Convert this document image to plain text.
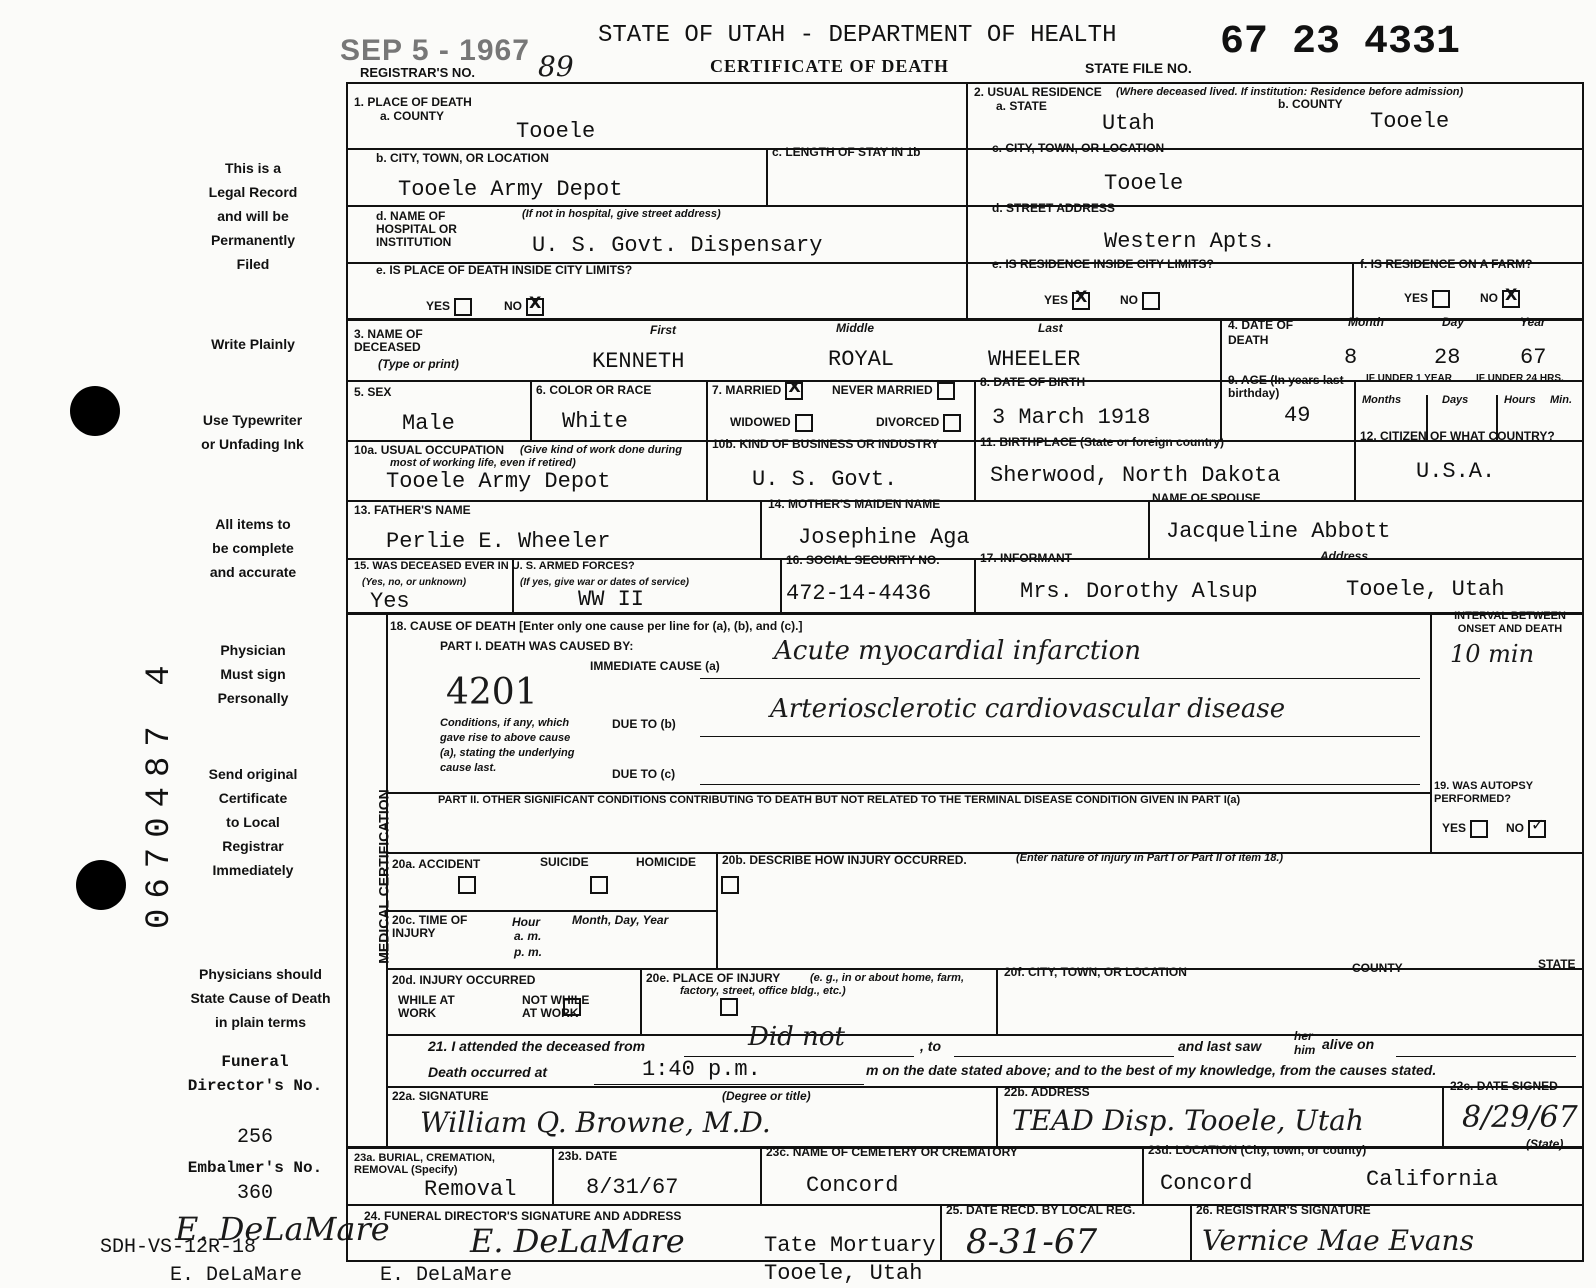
0670487 4
This is a
Legal Record
and will be
Permanently
Filed
Write Plainly
Use Typewriter
or Unfading Ink
All items to
be complete
and accurate
Physician
Must sign
Personally
Send original
Certificate
to Local
Registrar
Immediately
Physicians should
State Cause of Death
in plain terms
Funeral
Director's No.
256
Embalmer's No.
360
SDH-VS-12R-18
E. DeLaMare	E. DeLaMare
E. DeLaMare
SEP 5 - 1967
REGISTRAR'S NO. 89
STATE OF UTAH - DEPARTMENT OF HEALTH
CERTIFICATE OF DEATH	STATE FILE NO.
67 23 4331
1. PLACE OF DEATH
a. COUNTY
Tooele
2. USUAL RESIDENCE (Where deceased lived. If institution: Residence before admission)
a. STATE	b. COUNTY
Utah	Tooele
b. CITY, TOWN, OR LOCATION
Tooele Army Depot
c. LENGTH OF STAY IN 1b	c. CITY, TOWN, OR LOCATION
Tooele
d. NAME OF HOSPITAL OR INSTITUTION
(If not in hospital, give street address)
U. S. Govt. Dispensary
d. STREET ADDRESS
Western Apts.
e. IS PLACE OF DEATH INSIDE CITY LIMITS?
YES	NO X
e. IS RESIDENCE INSIDE CITY LIMITS?
YES X	NO
f. IS RESIDENCE ON A FARM?
YES	NO X
3. NAME OF DECEASED
(Type or print)
First	Middle	Last
KENNETH	ROYAL	WHEELER
4. DATE OF DEATH
Month	Day	Year
8	28	67
5. SEX
Male
6. COLOR OR RACE
White
7. MARRIED X	NEVER MARRIED
WIDOWED	DIVORCED
8. DATE OF BIRTH
3 March 1918
9. AGE (In years last birthday)
49
IF UNDER 1 YEAR IF UNDER 24 HRS.
Months	Days	Hours Min.
10a. USUAL OCCUPATION	(Give kind of work done during most of working life, even if retired)
Tooele Army Depot
10b. KIND OF BUSINESS OR INDUSTRY
U. S. Govt.
11. BIRTHPLACE (State or foreign country)
Sherwood, North Dakota
12. CITIZEN OF WHAT COUNTRY?
U.S.A.
13. FATHER'S NAME
Perlie E. Wheeler
14. MOTHER'S MAIDEN NAME
Josephine Aga
NAME OF SPOUSE
Jacqueline Abbott
15. WAS DECEASED EVER IN U. S. ARMED FORCES?
(Yes, no, or unknown)	(If yes, give war or dates of service)
Yes	WW II
16. SOCIAL SECURITY NO.
472-14-4436
17. INFORMANT	Address
Mrs. Dorothy Alsup	Tooele, Utah
MEDICAL CERTIFICATION
18. CAUSE OF DEATH [Enter only one cause per line for (a), (b), and (c).]
INTERVAL BETWEEN ONSET AND DEATH
10 min
PART I. DEATH WAS CAUSED BY:
IMMEDIATE CAUSE (a) Acute myocardial infarction
4201
Conditions, if any, which gave rise to above cause (a), stating the underlying cause last.
DUE TO (b)	Arteriosclerotic cardiovascular disease
DUE TO (c)
PART II. OTHER SIGNIFICANT CONDITIONS CONTRIBUTING TO DEATH BUT NOT RELATED TO THE TERMINAL DISEASE CONDITION GIVEN IN PART I(a)
19. WAS AUTOPSY PERFORMED?
YES	NO ✓
20a. ACCIDENT	SUICIDE	HOMICIDE
20b. DESCRIBE HOW INJURY OCCURRED.	(Enter nature of injury in Part I or Part II of item 18.)
20c. TIME OF INJURY
Hour
a. m.
p. m.
Month, Day, Year
20d. INJURY OCCURRED
WHILE AT WORK

NOT WHILE AT WORK
20e. PLACE OF INJURY	(e. g., in or about home, farm, factory, street, office bldg., etc.)
20f. CITY, TOWN, OR LOCATION	COUNTY	STATE
21. I attended the deceased from	Did not	, to	and last saw
her
him alive on
Death occurred at	1:40 p.m.	m on the date stated above; and to the best of my knowledge, from the causes stated.
22a. SIGNATURE	(Degree or title)
William Q. Browne, M.D.
22b. ADDRESS
TEAD Disp. Tooele, Utah
22c. DATE SIGNED
8/29/67
23a. BURIAL, CREMATION, REMOVAL (Specify)
Removal
23b. DATE
8/31/67
23c. NAME OF CEMETERY OR CREMATORY
Concord
23d. LOCATION (City, town, or county)	(State)
Concord	California
24. FUNERAL DIRECTOR'S SIGNATURE AND ADDRESS
E. DeLaMare	Tate Mortuary
Tooele, Utah
25. DATE RECD. BY LOCAL REG.
8-31-67
26. REGISTRAR'S SIGNATURE
Vernice Mae Evans
